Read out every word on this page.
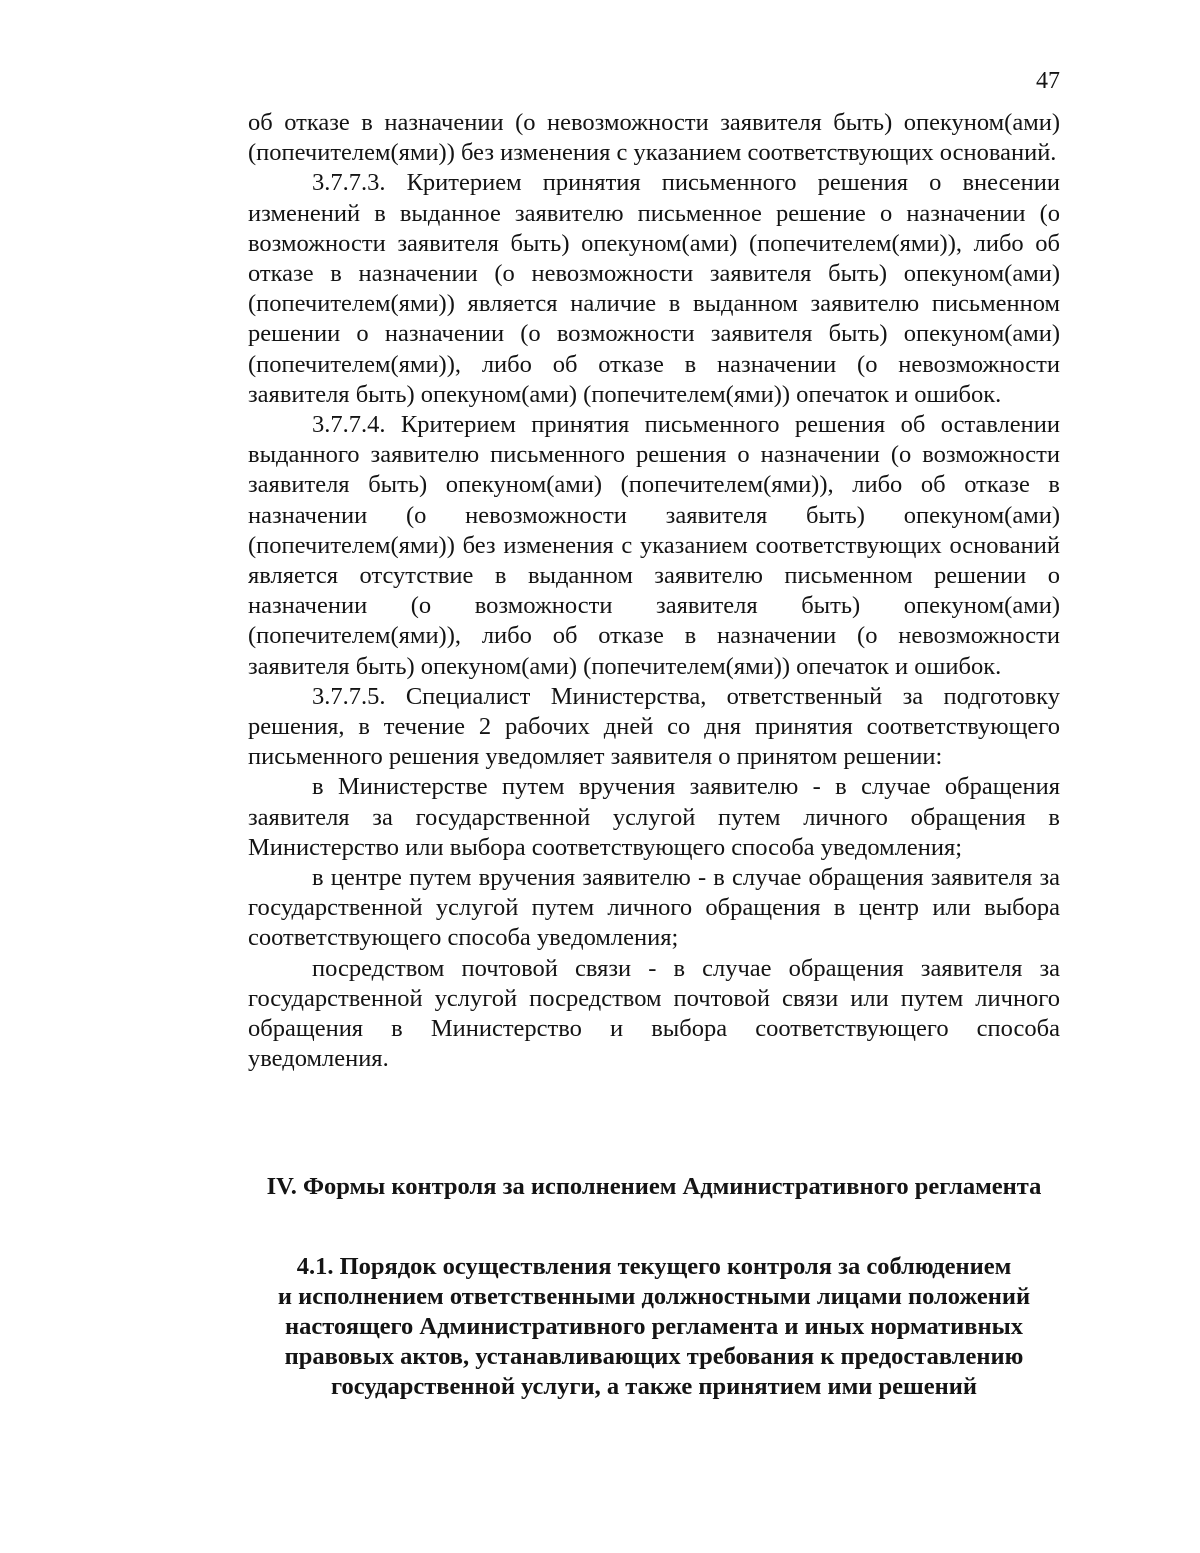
47

об отказе в назначении (о невозможности заявителя быть) опекуном(ами) (попечителем(ями)) без изменения с указанием соответствующих оснований.

3.7.7.3. Критерием принятия письменного решения о внесении изменений в выданное заявителю письменное решение о назначении (о возможности заявителя быть) опекуном(ами) (попечителем(ями)), либо об отказе в назначении (о невозможности заявителя быть) опекуном(ами) (попечителем(ями)) является наличие в выданном заявителю письменном решении о назначении (о возможности заявителя быть) опекуном(ами) (попечителем(ями)), либо об отказе в назначении (о невозможности заявителя быть) опекуном(ами) (попечителем(ями)) опечаток и ошибок.

3.7.7.4. Критерием принятия письменного решения об оставлении выданного заявителю письменного решения о назначении (о возможности заявителя быть) опекуном(ами) (попечителем(ями)), либо об отказе в назначении (о невозможности заявителя быть) опекуном(ами) (попечителем(ями)) без изменения с указанием соответствующих оснований является отсутствие в выданном заявителю письменном решении о назначении (о возможности заявителя быть) опекуном(ами) (попечителем(ями)), либо об отказе в назначении (о невозможности заявителя быть) опекуном(ами) (попечителем(ями)) опечаток и ошибок.

3.7.7.5. Специалист Министерства, ответственный за подготовку решения, в течение 2 рабочих дней со дня принятия соответствующего письменного решения уведомляет заявителя о принятом решении:

в Министерстве путем вручения заявителю - в случае обращения заявителя за государственной услугой путем личного обращения в Министерство или выбора соответствующего способа уведомления;

в центре путем вручения заявителю - в случае обращения заявителя за государственной услугой путем личного обращения в центр или выбора соответствующего способа уведомления;

посредством почтовой связи - в случае обращения заявителя за государственной услугой посредством почтовой связи или путем личного обращения в Министерство и выбора соответствующего способа уведомления.

IV. Формы контроля за исполнением Административного регламента
4.1. Порядок осуществления текущего контроля за соблюдением
и исполнением ответственными должностными лицами положений
настоящего Административного регламента и иных нормативных
правовых актов, устанавливающих требования к предоставлению
государственной услуги, а также принятием ими решений
